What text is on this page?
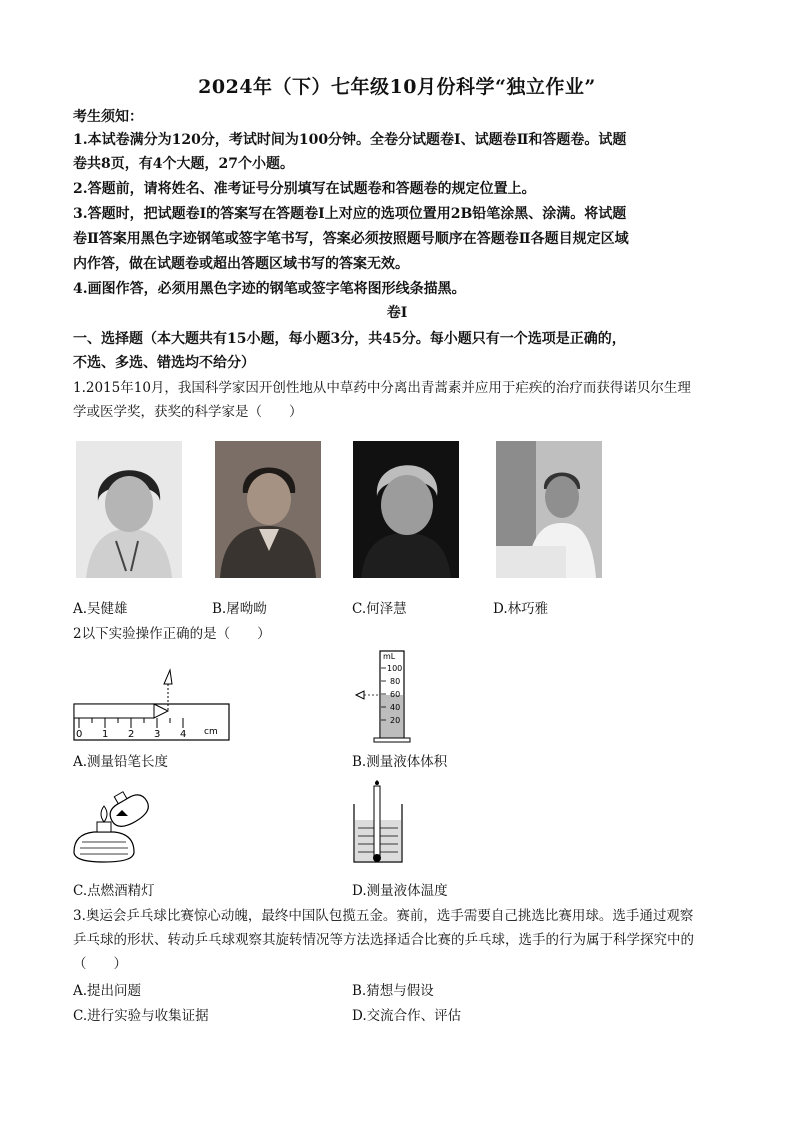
2024年（下）七年级10月份科学“独立作业”
考生须知：
1.本试卷满分为120分，考试时间为100分钟。全卷分试题卷Ⅰ、试题卷Ⅱ和答题卷。试题
卷共8页，有4个大题，27个小题。
2.答题前，请将姓名、准考证号分别填写在试题卷和答题卷的规定位置上。
3.答题时，把试题卷Ⅰ的答案写在答题卷Ⅰ上对应的选项位置用2B铅笔涂黑、涂满。将试题
卷Ⅱ答案用黑色字迹钢笔或签字笔书写，答案必须按照题号顺序在答题卷Ⅱ各题目规定区域
内作答，做在试题卷或超出答题区域书写的答案无效。
4.画图作答，必须用黑色字迹的钢笔或签字笔将图形线条描黑。
卷Ⅰ
一、选择题（本大题共有15小题，每小题3分，共45分。每小题只有一个选项是正确的，
不选、多选、错选均不给分）
1.2015年10月，我国科学家因开创性地从中草药中分离出青蒿素并应用于疟疾的治疗而获得诺贝尔生理
学或医学奖，获奖的科学家是（　　）
A.吴健雄	B.屠呦呦	C.何泽慧	D.林巧雅
2以下实验操作正确的是（　　）
0 1 2 3 4 cm
mL
100
80
60
40
20
A.测量铅笔长度	B.测量液体体积
C.点燃酒精灯	D.测量液体温度
3.奥运会乒乓球比赛惊心动魄，最终中国队包揽五金。赛前，选手需要自己挑选比赛用球。选手通过观察
乒乓球的形状、转动乒乓球观察其旋转情况等方法选择适合比赛的乒乓球，选手的行为属于科学探究中的
（　　）
A.提出问题	B.猜想与假设
C.进行实验与收集证据	D.交流合作、评估
